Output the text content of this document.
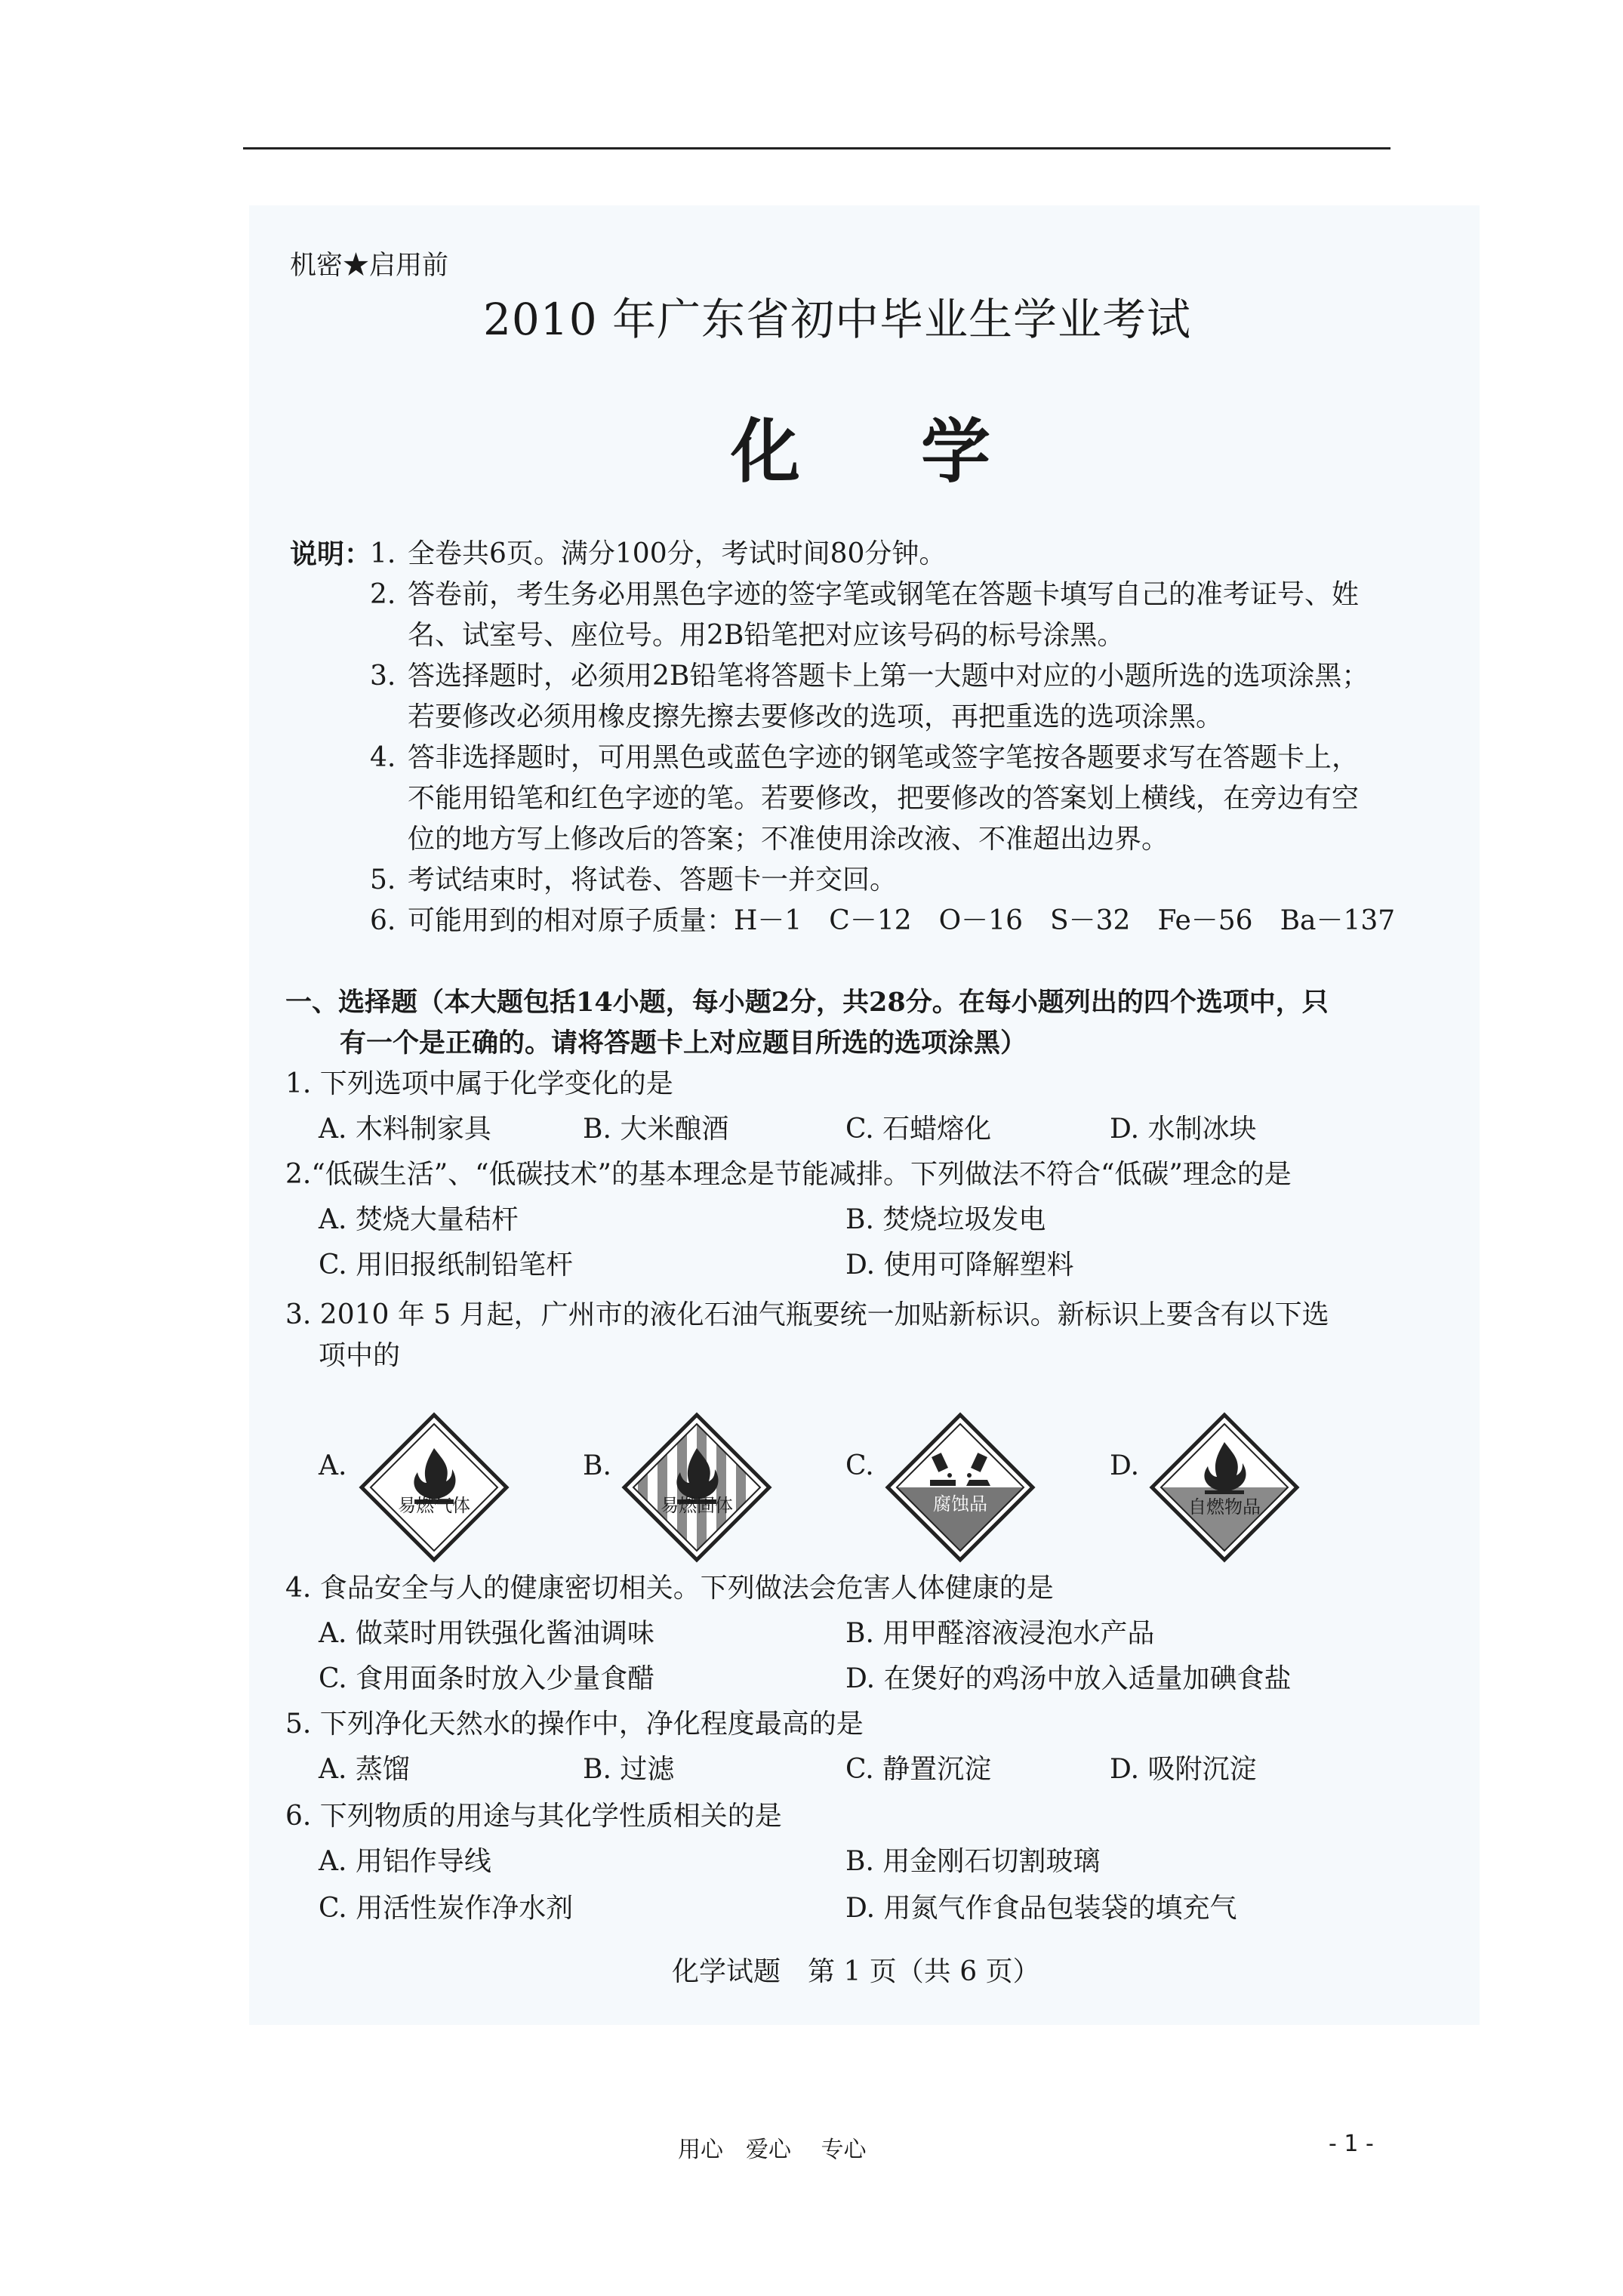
机密★启用前
2010 年广东省初中毕业生学业考试
化学
说明：
1. 全卷共6页。满分100分，考试时间80分钟。
2. 答卷前，考生务必用黑色字迹的签字笔或钢笔在答题卡填写自己的准考证号、姓
名、试室号、座位号。用2B铅笔把对应该号码的标号涂黑。
3. 答选择题时，必须用2B铅笔将答题卡上第一大题中对应的小题所选的选项涂黑；
若要修改必须用橡皮擦先擦去要修改的选项，再把重选的选项涂黑。
4. 答非选择题时，可用黑色或蓝色字迹的钢笔或签字笔按各题要求写在答题卡上，
不能用铅笔和红色字迹的笔。若要修改，把要修改的答案划上横线，在旁边有空
位的地方写上修改后的答案；不准使用涂改液、不准超出边界。
5. 考试结束时，将试卷、答题卡一并交回。
6. 可能用到的相对原子质量：H－1　C－12　O－16　S－32　Fe－56　Ba－137
一、选择题（本大题包括14小题，每小题2分，共28分。在每小题列出的四个选项中，只
有一个是正确的。请将答题卡上对应题目所选的选项涂黑）
1. 下列选项中属于化学变化的是
A. 木料制家具	B. 大米酿酒	C. 石蜡熔化	D. 水制冰块
2.“低碳生活”、“低碳技术”的基本理念是节能减排。下列做法不符合“低碳”理念的是
A. 焚烧大量秸杆	B. 焚烧垃圾发电
C. 用旧报纸制铅笔杆	D. 使用可降解塑料
3. 2010 年 5 月起，广州市的液化石油气瓶要统一加贴新标识。新标识上要含有以下选
项中的
A.	B.	C.	D.
易燃气体	易燃固体	腐蚀品	自燃物品
4. 食品安全与人的健康密切相关。下列做法会危害人体健康的是
A. 做菜时用铁强化酱油调味	B. 用甲醛溶液浸泡水产品
C. 食用面条时放入少量食醋	D. 在煲好的鸡汤中放入适量加碘食盐
5. 下列净化天然水的操作中，净化程度最高的是
A. 蒸馏	B. 过滤	C. 静置沉淀	D. 吸附沉淀
6. 下列物质的用途与其化学性质相关的是
A. 用铝作导线	B. 用金刚石切割玻璃
C. 用活性炭作净水剂	D. 用氮气作食品包装袋的填充气
化学试题　第 1 页（共 6 页）
用心　爱心　 专心	- 1 -
